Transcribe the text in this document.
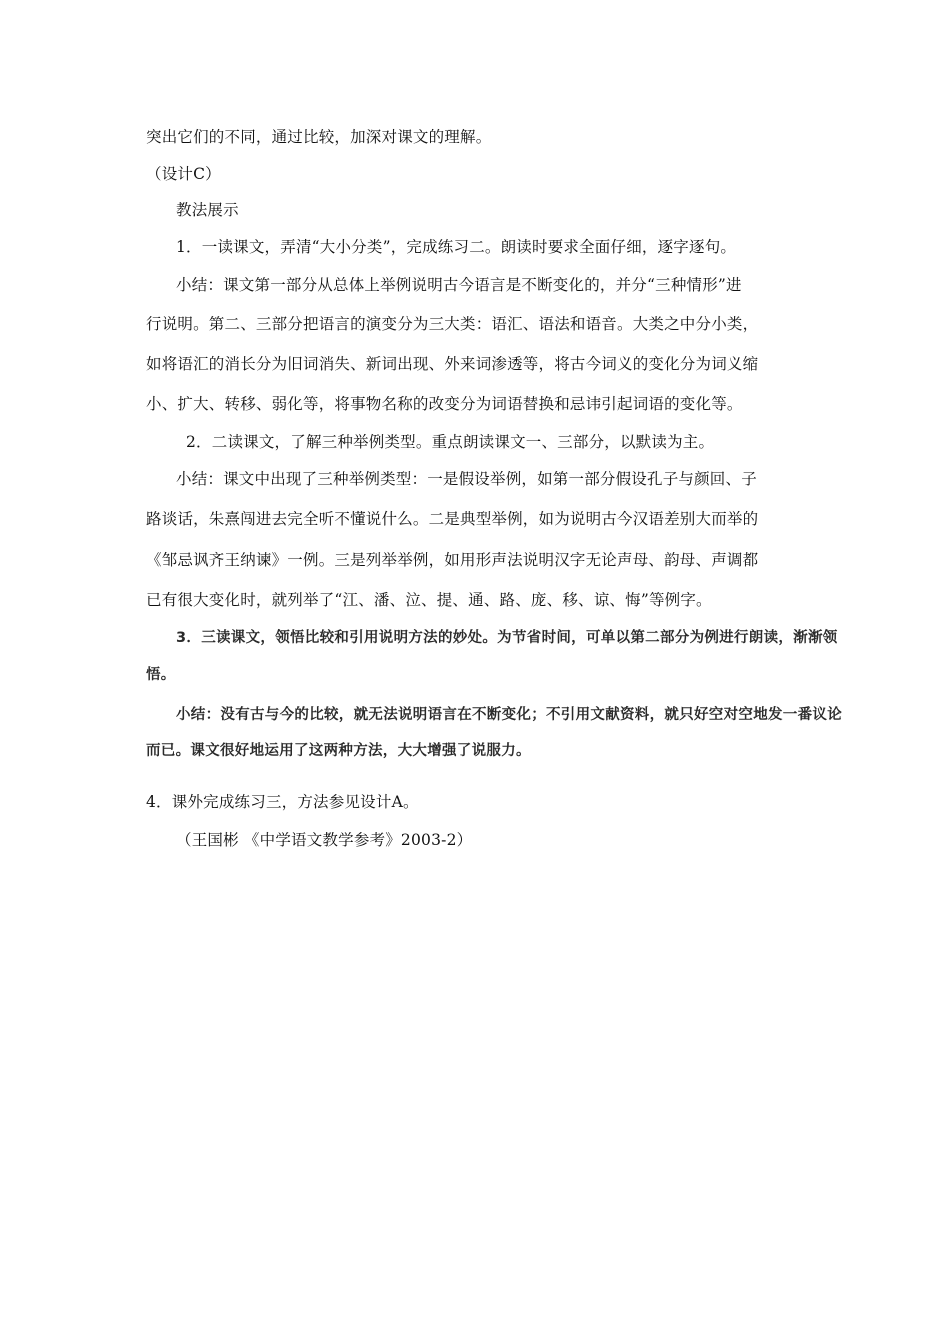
突出它们的不同，通过比较，加深对课文的理解。
（设计C）
教法展示
1．一读课文，弄清“大小分类”，完成练习二。朗读时要求全面仔细，逐字逐句。
小结：课文第一部分从总体上举例说明古今语言是不断变化的，并分“三种情形”进
行说明。第二、三部分把语言的演变分为三大类：语汇、语法和语音。大类之中分小类，
如将语汇的消长分为旧词消失、新词出现、外来词渗透等，将古今词义的变化分为词义缩
小、扩大、转移、弱化等，将事物名称的改变分为词语替换和忌讳引起词语的变化等。
2．二读课文，了解三种举例类型。重点朗读课文一、三部分，以默读为主。
小结：课文中出现了三种举例类型：一是假设举例，如第一部分假设孔子与颜回、子
路谈话，朱熹闯进去完全听不懂说什么。二是典型举例，如为说明古今汉语差别大而举的
《邹忌讽齐王纳谏》一例。三是列举举例，如用形声法说明汉字无论声母、韵母、声调都
已有很大变化时，就列举了“江、潘、泣、提、通、路、庞、移、谅、悔”等例字。
3．三读课文，领悟比较和引用说明方法的妙处。为节省时间，可单以第二部分为例进行朗读，渐渐领
悟。
小结：没有古与今的比较，就无法说明语言在不断变化；不引用文献资料，就只好空对空地发一番议论
而已。课文很好地运用了这两种方法，大大增强了说服力。
4．课外完成练习三，方法参见设计A。
（王国彬 《中学语文教学参考》2003-2）
